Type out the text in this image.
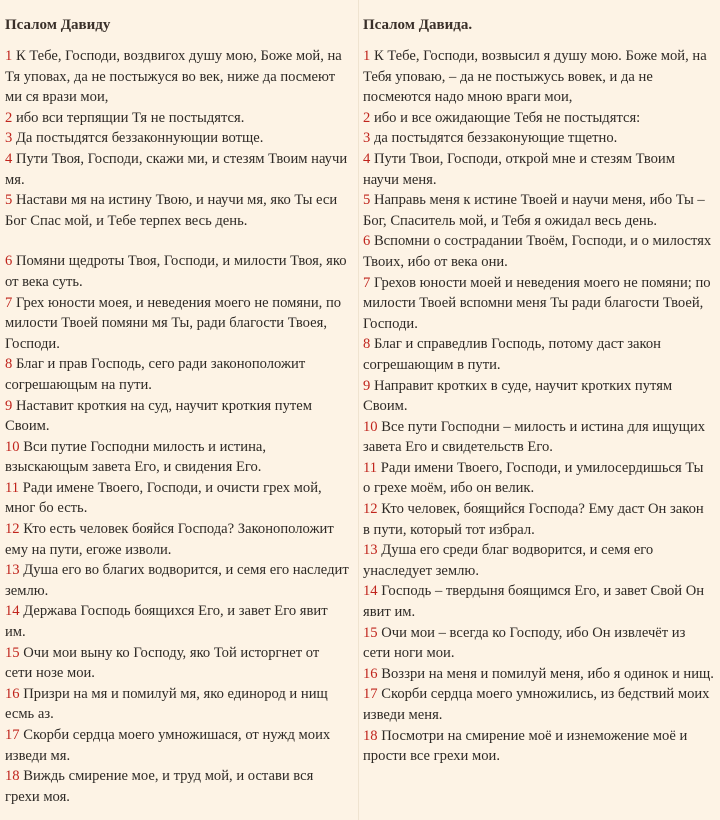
Псалом Давиду
1 К Тебе, Господи, воздвигох душу мою, Боже мой, на Тя уповах, да не постыжуся во век, ниже да посмеют ми ся врази мои,
2 ибо вси терпящии Тя не постыдятся.
3 Да постыдятся беззаконнующии вотще.
4 Пути Твоя, Господи, скажи ми, и стезям Твоим научи мя.
5 Настави мя на истину Твою, и научи мя, яко Ты еси Бог Спас мой, и Тебе терпех весь день.
6 Помяни щедроты Твоя, Господи, и милости Твоя, яко от века суть.
7 Грех юности моея, и неведения моего не помяни, по милости Твоей помяни мя Ты, ради благости Твоея, Господи.
8 Благ и прав Господь, сего ради законоположит согрешающым на пути.
9 Наставит кроткия на суд, научит кроткия путем Своим.
10 Вси путие Господни милость и истина, взыскающым завета Его, и свидения Его.
11 Ради имене Твоего, Господи, и очисти грех мой, мног бо есть.
12 Кто есть человек бояйся Господа? Законоположит ему на пути, егоже изволи.
13 Душа его во благих водворится, и семя его наследит землю.
14 Держава Господь боящихся Его, и завет Его явит им.
15 Очи мои выну ко Господу, яко Той исторгнет от сети нозе мои.
16 Призри на мя и помилуй мя, яко единород и нищ есмь аз.
17 Скорби сердца моего умножишася, от нужд моих изведи мя.
18 Виждь смирение мое, и труд мой, и остави вся грехи моя.
Псалом Давида.
1 К Тебе, Господи, возвысил я душу мою. Боже мой, на Тебя уповаю, – да не постыжусь вовек, и да не посмеются надо мною враги мои,
2 ибо и все ожидающие Тебя не постыдятся:
3 да постыдятся беззаконующие тщетно.
4 Пути Твои, Господи, открой мне и стезям Твоим научи меня.
5 Направь меня к истине Твоей и научи меня, ибо Ты – Бог, Спаситель мой, и Тебя я ожидал весь день.
6 Вспомни о сострадании Твоём, Господи, и о милостях Твоих, ибо от века они.
7 Грехов юности моей и неведения моего не помяни; по милости Твоей вспомни меня Ты ради благости Твоей, Господи.
8 Благ и справедлив Господь, потому даст закон согрешающим в пути.
9 Направит кротких в суде, научит кротких путям Своим.
10 Все пути Господни – милость и истина для ищущих завета Его и свидетельств Его.
11 Ради имени Твоего, Господи, и умилосердишься Ты о грехе моём, ибо он велик.
12 Кто человек, боящийся Господа? Ему даст Он закон в пути, который тот избрал.
13 Душа его среди благ водворится, и семя его унаследует землю.
14 Господь – твердыня боящимся Его, и завет Свой Он явит им.
15 Очи мои – всегда ко Господу, ибо Он извлечёт из сети ноги мои.
16 Воззри на меня и помилуй меня, ибо я одинок и нищ.
17 Скорби сердца моего умножились, из бедствий моих изведи меня.
18 Посмотри на смирение моё и изнеможение моё и прости все грехи мои.
